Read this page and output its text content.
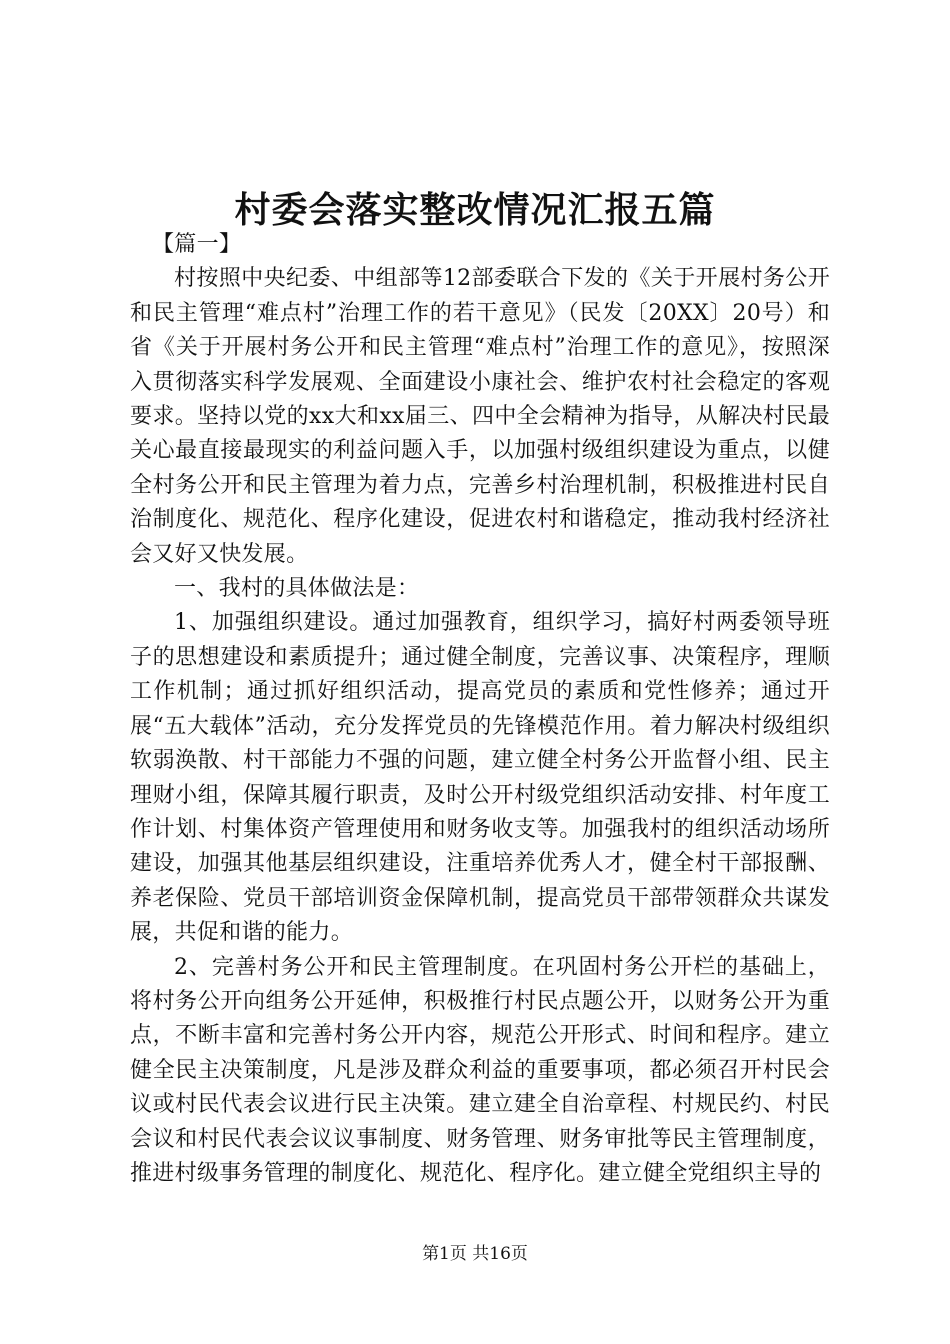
村委会落实整改情况汇报五篇

【篇一】

村按照中央纪委、中组部等12部委联合下发的《关于开展村务公开和民主管理“难点村”治理工作的若干意见》（民发〔20XX〕20号）和省《关于开展村务公开和民主管理“难点村”治理工作的意见》，按照深入贯彻落实科学发展观、全面建设小康社会、维护农村社会稳定的客观要求。坚持以党的xx大和xx届三、四中全会精神为指导，从解决村民最关心最直接最现实的利益问题入手，以加强村级组织建设为重点，以健全村务公开和民主管理为着力点，完善乡村治理机制，积极推进村民自治制度化、规范化、程序化建设，促进农村和谐稳定，推动我村经济社会又好又快发展。

一、我村的具体做法是：

1、加强组织建设。通过加强教育，组织学习，搞好村两委领导班子的思想建设和素质提升；通过健全制度，完善议事、决策程序，理顺工作机制；通过抓好组织活动，提高党员的素质和党性修养；通过开展“五大载体”活动，充分发挥党员的先锋模范作用。着力解决村级组织软弱涣散、村干部能力不强的问题，建立健全村务公开监督小组、民主理财小组，保障其履行职责，及时公开村级党组织活动安排、村年度工作计划、村集体资产管理使用和财务收支等。加强我村的组织活动场所建设，加强其他基层组织建设，注重培养优秀人才，健全村干部报酬、养老保险、党员干部培训资金保障机制，提高党员干部带领群众共谋发展，共促和谐的能力。

2、完善村务公开和民主管理制度。在巩固村务公开栏的基础上，将村务公开向组务公开延伸，积极推行村民点题公开，以财务公开为重点，不断丰富和完善村务公开内容，规范公开形式、时间和程序。建立健全民主决策制度，凡是涉及群众利益的重要事项，都必须召开村民会议或村民代表会议进行民主决策。建立建全自治章程、村规民约、村民会议和村民代表会议议事制度、财务管理、财务审批等民主管理制度，推进村级事务管理的制度化、规范化、程序化。建立健全党组织主导的

第1页 共16页
